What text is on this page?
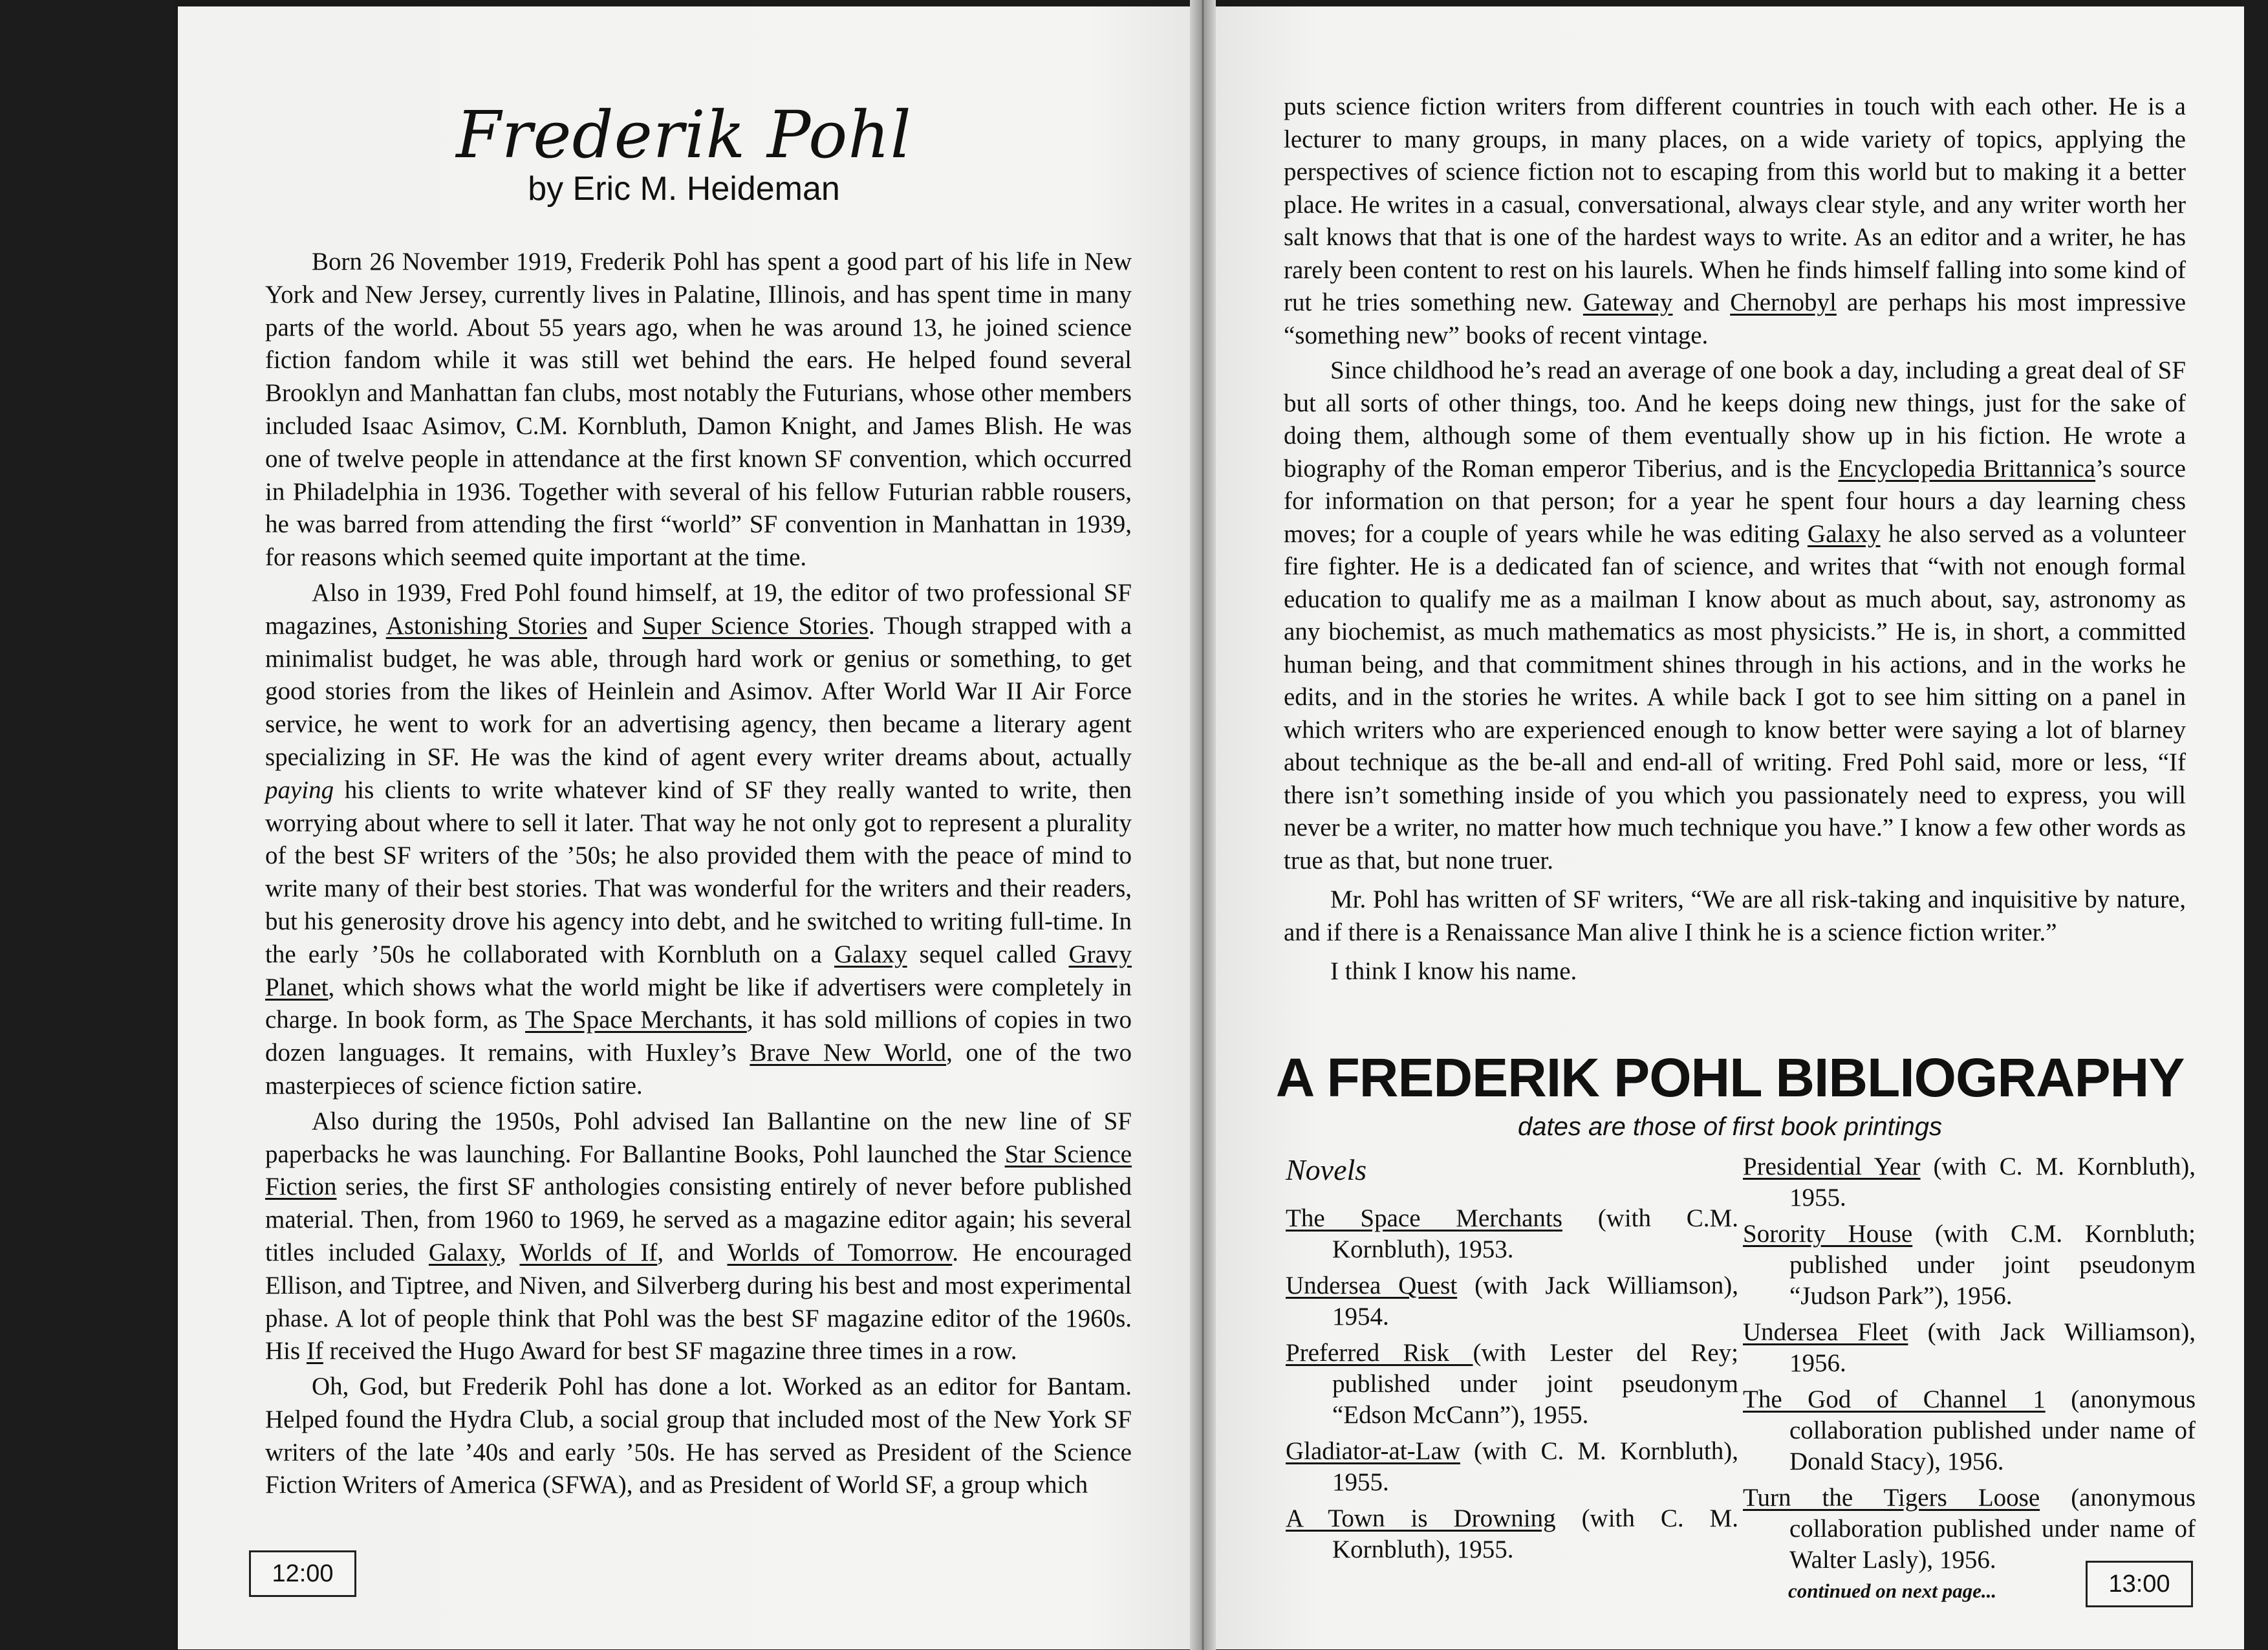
Frederik Pohl
by Eric M. Heideman

Born 26 November 1919, Frederik Pohl has spent a good part of his life in New York and New Jersey, currently lives in Palatine, Illinois, and has spent time in many parts of the world. About 55 years ago, when he was around 13, he joined science fiction fandom while it was still wet behind the ears. He helped found several Brooklyn and Manhattan fan clubs, most notably the Futurians, whose other members included Isaac Asimov, C.M. Kornbluth, Damon Knight, and James Blish. He was one of twelve people in attendance at the first known SF convention, which occurred in Philadelphia in 1936. Together with several of his fellow Futurian rabble rousers, he was barred from attending the first “world” SF convention in Manhattan in 1939, for reasons which seemed quite important at the time.

Also in 1939, Fred Pohl found himself, at 19, the editor of two professional SF magazines, Astonishing Stories and Super Science Stories. Though strapped with a minimalist budget, he was able, through hard work or genius or something, to get good stories from the likes of Heinlein and Asimov. After World War II Air Force service, he went to work for an advertising agency, then became a literary agent specializing in SF. He was the kind of agent every writer dreams about, actually paying his clients to write whatever kind of SF they really wanted to write, then worrying about where to sell it later. That way he not only got to represent a plurality of the best SF writers of the ’50s; he also provided them with the peace of mind to write many of their best stories. That was wonderful for the writers and their readers, but his generosity drove his agency into debt, and he switched to writing full-time. In the early ’50s he collaborated with Kornbluth on a Galaxy sequel called Gravy Planet, which shows what the world might be like if advertisers were completely in charge. In book form, as The Space Merchants, it has sold millions of copies in two dozen languages. It remains, with Huxley’s Brave New World, one of the two masterpieces of science fiction satire.

Also during the 1950s, Pohl advised Ian Ballantine on the new line of SF paperbacks he was launching. For Ballantine Books, Pohl launched the Star Science Fiction series, the first SF anthologies consisting entirely of never before published material. Then, from 1960 to 1969, he served as a magazine editor again; his several titles included Galaxy, Worlds of If, and Worlds of Tomorrow. He encouraged Ellison, and Tiptree, and Niven, and Silverberg during his best and most experimental phase. A lot of people think that Pohl was the best SF magazine editor of the 1960s. His If received the Hugo Award for best SF magazine three times in a row.

Oh, God, but Frederik Pohl has done a lot. Worked as an editor for Bantam. Helped found the Hydra Club, a social group that included most of the New York SF writers of the late ’40s and early ’50s. He has served as President of the Science Fiction Writers of America (SFWA), and as President of World SF, a group which

12:00

puts science fiction writers from different countries in touch with each other. He is a lecturer to many groups, in many places, on a wide variety of topics, applying the perspectives of science fiction not to escaping from this world but to making it a better place. He writes in a casual, conversational, always clear style, and any writer worth her salt knows that that is one of the hardest ways to write. As an editor and a writer, he has rarely been content to rest on his laurels. When he finds himself falling into some kind of rut he tries something new. Gateway and Chernobyl are perhaps his most impressive “something new” books of recent vintage.

Since childhood he’s read an average of one book a day, including a great deal of SF but all sorts of other things, too. And he keeps doing new things, just for the sake of doing them, although some of them eventually show up in his fiction. He wrote a biography of the Roman emperor Tiberius, and is the Encyclopedia Brittannica’s source for information on that person; for a year he spent four hours a day learning chess moves; for a couple of years while he was editing Galaxy he also served as a volunteer fire fighter. He is a dedicated fan of science, and writes that “with not enough formal education to qualify me as a mailman I know about as much about, say, astronomy as any biochemist, as much mathematics as most physicists.” He is, in short, a committed human being, and that commitment shines through in his actions, and in the works he edits, and in the stories he writes. A while back I got to see him sitting on a panel in which writers who are experienced enough to know better were saying a lot of blarney about technique as the be-all and end-all of writing. Fred Pohl said, more or less, “If there isn’t something inside of you which you passionately need to express, you will never be a writer, no matter how much technique you have.” I know a few other words as true as that, but none truer.

Mr. Pohl has written of SF writers, “We are all risk-taking and inquisitive by nature, and if there is a Renaissance Man alive I think he is a science fiction writer.”

I think I know his name.

A FREDERIK POHL BIBLIOGRAPHY
dates are those of first book printings
Novels
The Space Merchants (with C.M. Kornbluth), 1953.
Undersea Quest (with Jack Williamson), 1954.
Preferred Risk (with Lester del Rey; published under joint pseudonym “Edson McCann”), 1955.
Gladiator-at-Law (with C. M. Kornbluth), 1955.
A Town is Drowning (with C. M. Kornbluth), 1955.
Presidential Year (with C. M. Kornbluth), 1955.
Sorority House (with C.M. Kornbluth; published under joint pseudonym “Judson Park”), 1956.
Undersea Fleet (with Jack Williamson), 1956.
The God of Channel 1 (anonymous collaboration published under name of Donald Stacy), 1956.
Turn the Tigers Loose (anonymous collaboration published under name of Walter Lasly), 1956.
continued on next page...	13:00
